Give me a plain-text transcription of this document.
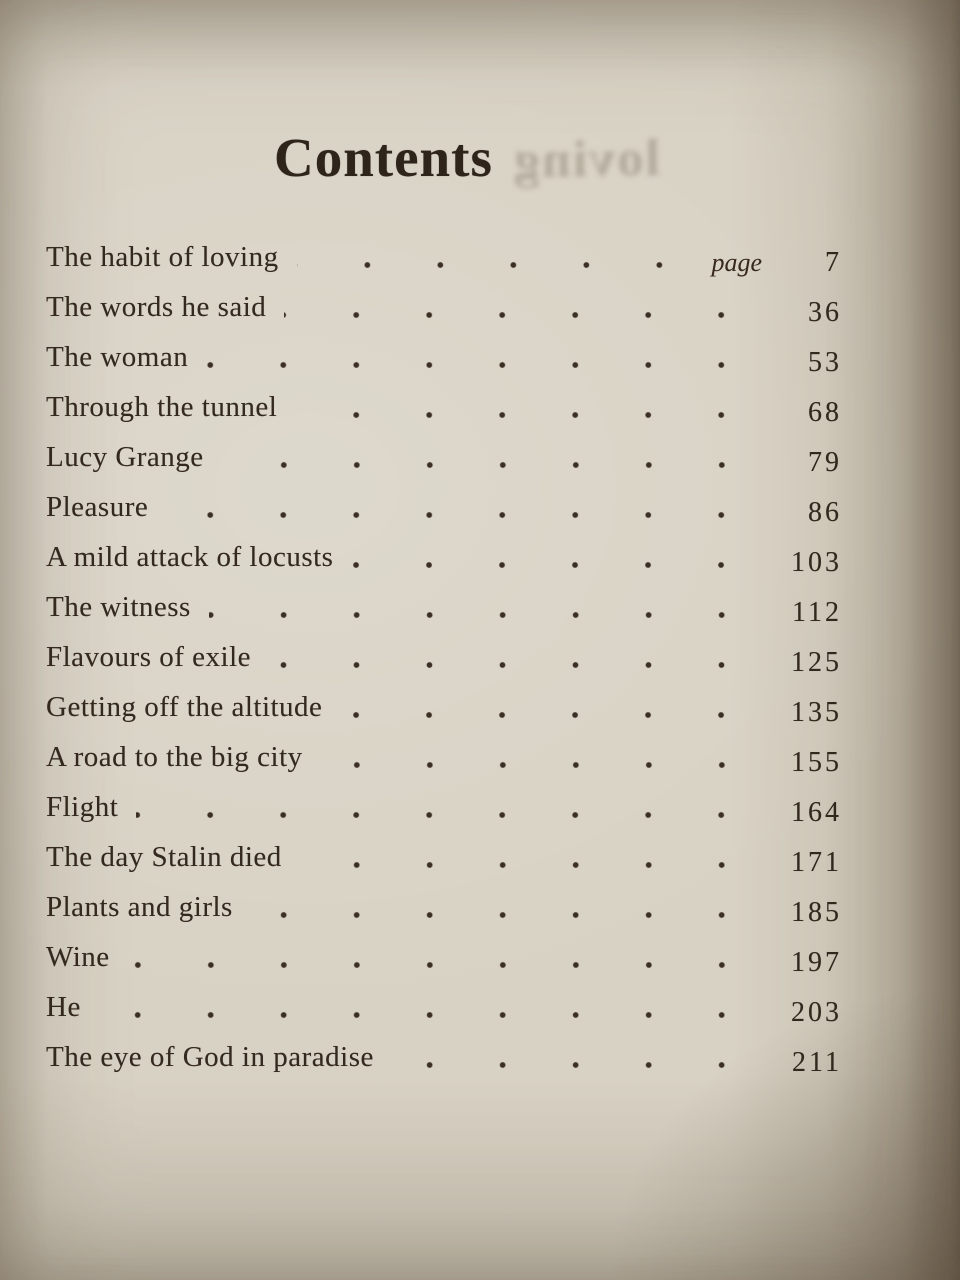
loving
Contents
The habit of loving	page	7
The words he said	36
The woman	53
Through the tunnel	68
Lucy Grange	79
Pleasure	86
A mild attack of locusts	103
The witness	112
Flavours of exile	125
Getting off the altitude	135
A road to the big city	155
Flight	164
The day Stalin died	171
Plants and girls	185
Wine	197
He	203
The eye of God in paradise	211
